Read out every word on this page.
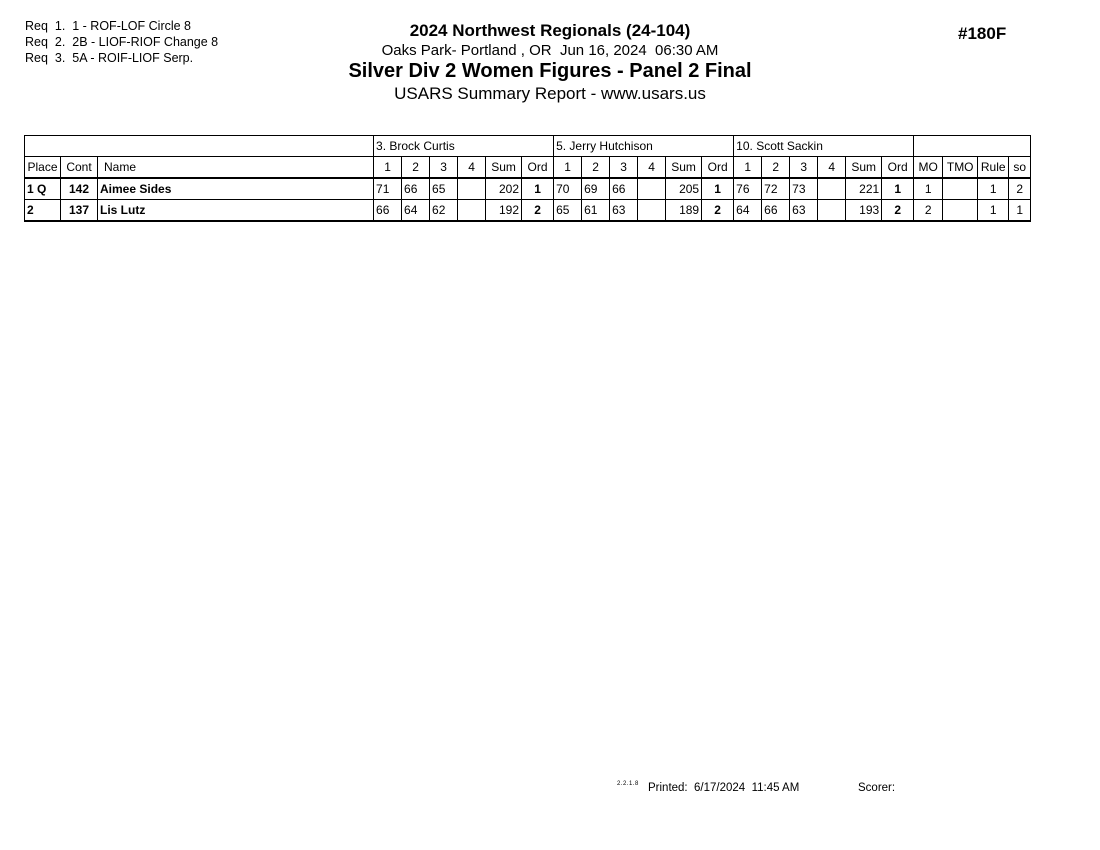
Req  1.  1 - ROF-LOF Circle 8
Req  2.  2B - LIOF-RIOF Change 8
Req  3.  5A - ROIF-LIOF Serp.
2024 Northwest Regionals (24-104)
Oaks Park- Portland , OR  Jun 16, 2024  06:30 AM
Silver Div 2 Women Figures - Panel 2 Final
USARS Summary Report - www.usars.us
#180F
			3. Brock Curtis						5. Jerry Hutchison						10. Scott Sackin									
Place	Cont	Name	1	2	3	4	Sum	Ord	1	2	3	4	Sum	Ord	1	2	3	4	Sum	Ord	MO	TMO	Rule	so
1 Q	142	Aimee Sides	71	66	65		202	1	70	69	66		205	1	76	72	73		221	1	1		1	2
2	137	Lis Lutz	66	64	62		192	2	65	61	63		189	2	64	66	63		193	2	2		1	1
2.2.1.8 Printed:  6/17/2024  11:45 AM	Scorer:
